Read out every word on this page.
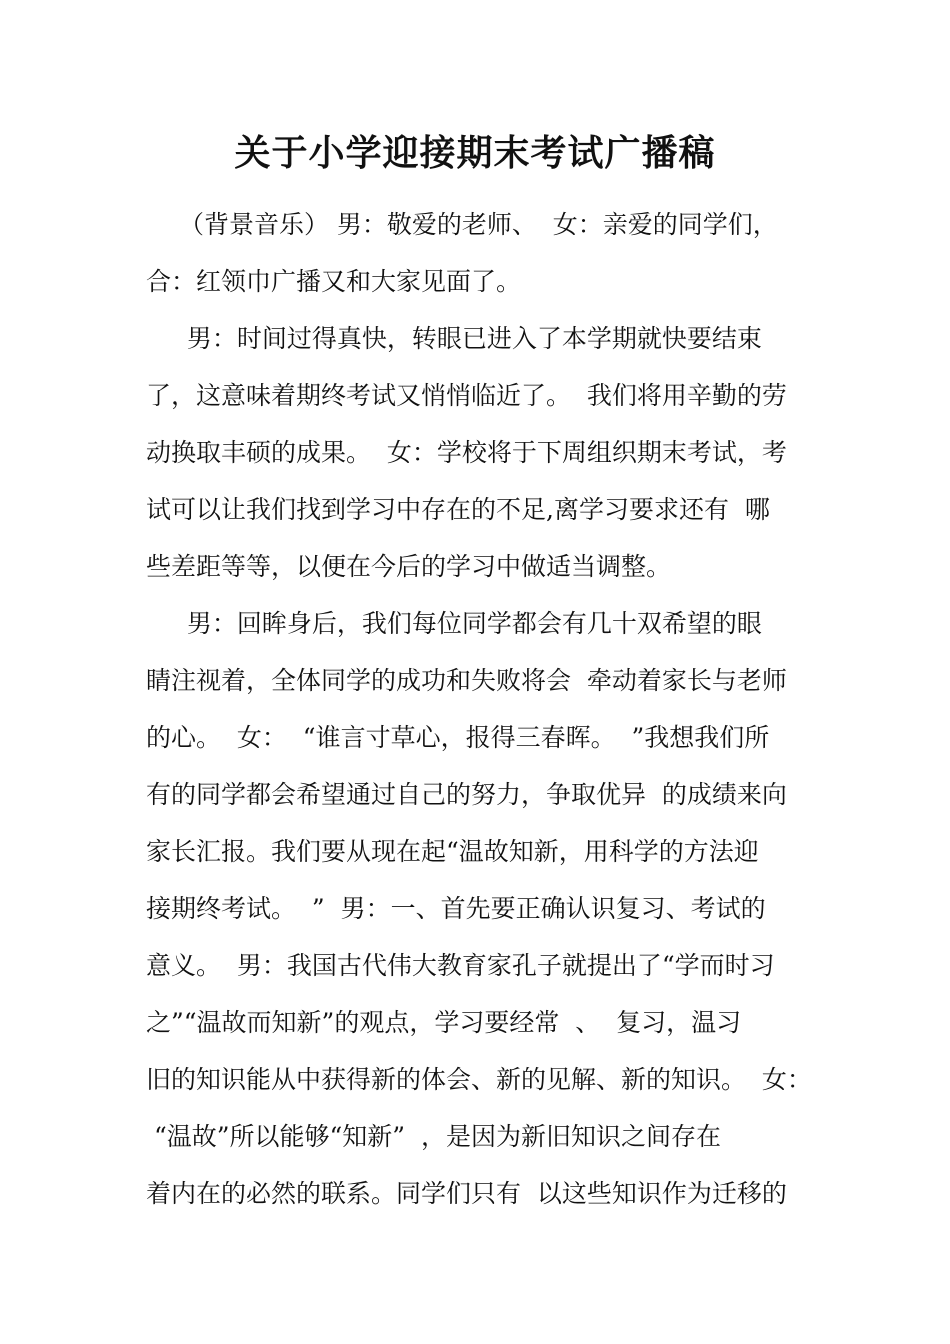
关于小学迎接期末考试广播稿
　 （背景音乐） 男：敬爱的老师、  女：亲爱的同学们，
合：红领巾广播又和大家见面了。
　  男：时间过得真快，转眼已进入了本学期就快要结束
了，这意味着期终考试又悄悄临近了。  我们将用辛勤的劳
动换取丰硕的成果。  女：学校将于下周组织期末考试，考
试可以让我们找到学习中存在的不足,离学习要求还有  哪
些差距等等，以便在今后的学习中做适当调整。
　  男：回眸身后，我们每位同学都会有几十双希望的眼
睛注视着，全体同学的成功和失败将会  牵动着家长与老师
的心。  女：  “谁言寸草心，报得三春晖。  ”我想我们所
有的同学都会希望通过自己的努力，争取优异  的成绩来向
家长汇报。我们要从现在起“温故知新，用科学的方法迎
接期终考试。  ”  男：一、首先要正确认识复习、考试的
意义。  男：我国古代伟大教育家孔子就提出了“学而时习
之”“温故而知新”的观点，学习要经常  、  复习，温习
旧的知识能从中获得新的体会、新的见解、新的知识。  女：
“温故”所以能够“知新”  ，是因为新旧知识之间存在
着内在的必然的联系。同学们只有  以这些知识作为迁移的
